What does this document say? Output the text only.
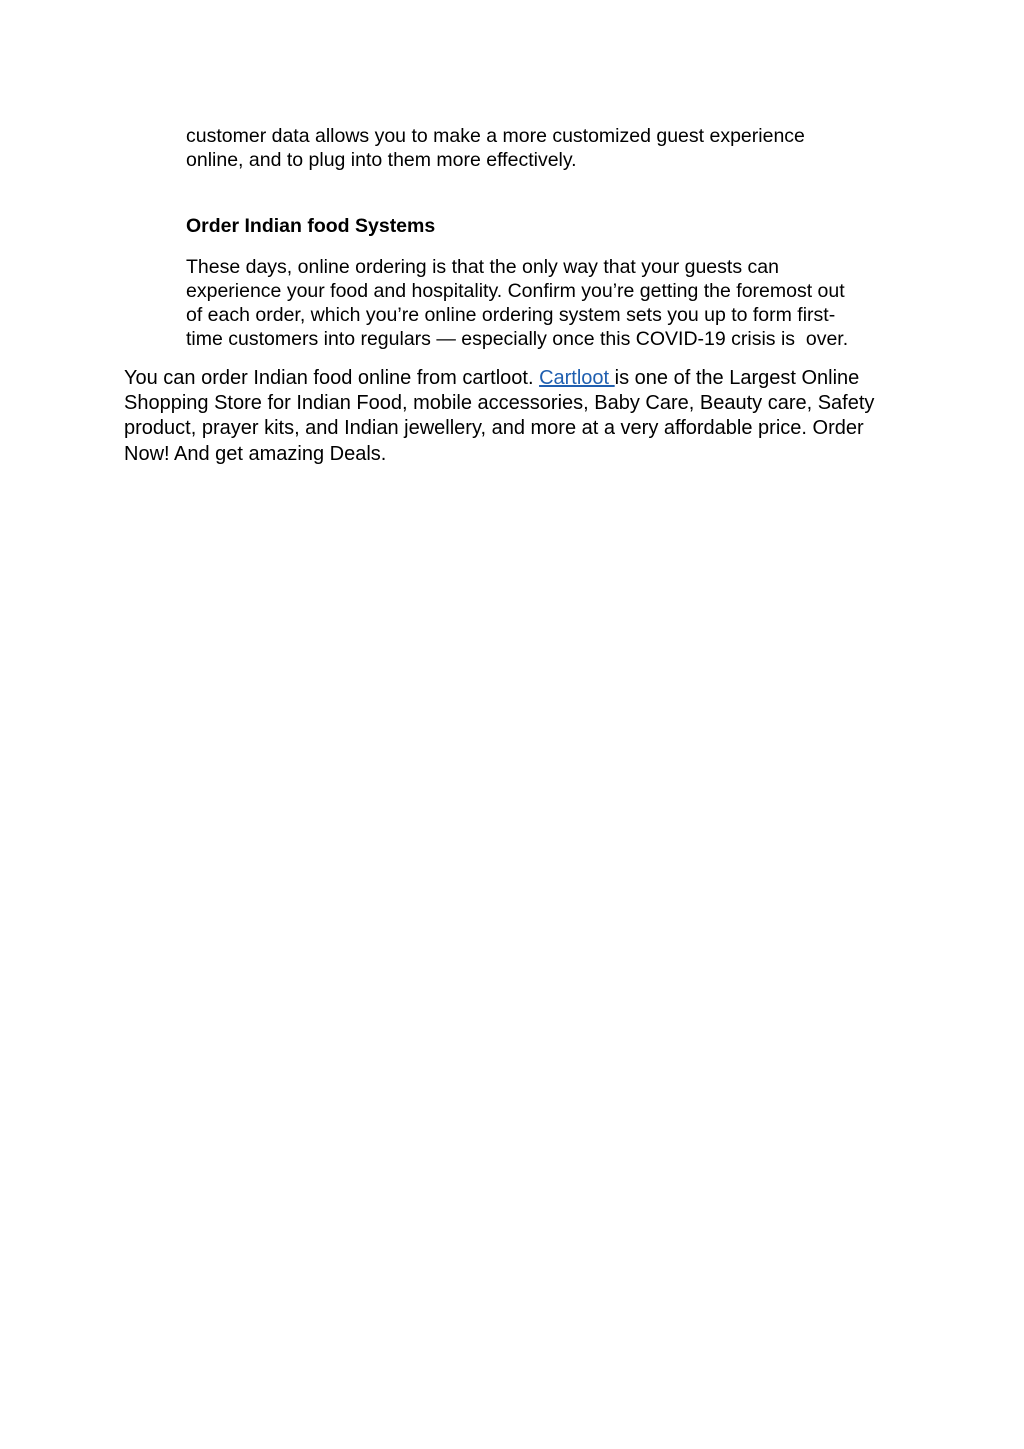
customer data allows you to make a more customized guest experience
online, and to plug into them more effectively.
Order Indian food Systems
These days, online ordering is that the only way that your guests can
experience your food and hospitality. Confirm you’re getting the foremost out
of each order, which you’re online ordering system sets you up to form first-
time customers into regulars — especially once this COVID-19 crisis is  over.
You can order Indian food online from cartloot. Cartloot is one of the Largest Online
Shopping Store for Indian Food, mobile accessories, Baby Care, Beauty care, Safety
product, prayer kits, and Indian jewellery, and more at a very affordable price. Order
Now! And get amazing Deals.
